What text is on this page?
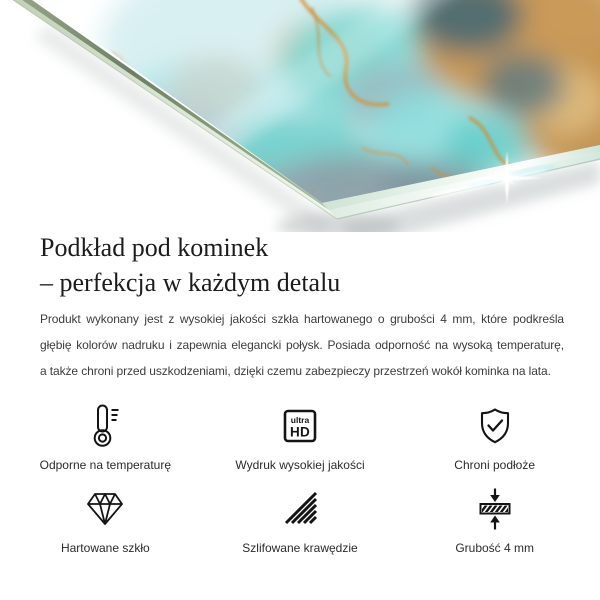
Podkład pod kominek
– perfekcja w każdym detalu

Produkt wykonany jest z wysokiej jakości szkła hartowanego o grubości 4 mm, które podkreśla

głębię kolorów nadruku i zapewnia elegancki połysk. Posiada odporność na wysoką temperaturę,

a także chroni przed uszkodzeniami, dzięki czemu zabezpieczy przestrzeń wokół kominka na lata.

Odporne na temperaturę
ultra
HD
Wydruk wysokiej jakości	Chroni podłoże
Hartowane szkło	Szlifowane krawędzie	Grubość 4 mm
